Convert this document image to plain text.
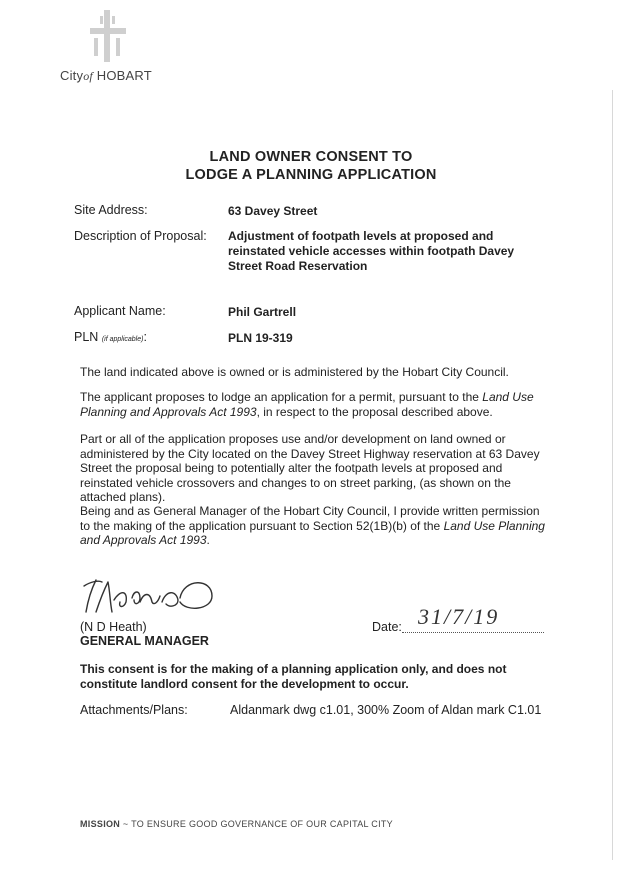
Cityof HOBART
LAND OWNER CONSENT TO
LODGE A PLANNING APPLICATION
Site Address:	63 Davey Street
Description of Proposal: Adjustment of footpath levels at proposed and reinstated vehicle accesses within footpath Davey Street Road Reservation
Applicant Name:	Phil Gartrell
PLN (if applicable):	PLN 19-319
The land indicated above is owned or is administered by the Hobart City Council.
The applicant proposes to lodge an application for a permit, pursuant to the Land Use Planning and Approvals Act 1993, in respect to the proposal described above.
Part or all of the application proposes use and/or development on land owned or administered by the City located on the Davey Street Highway reservation at 63 Davey Street the proposal being to potentially alter the footpath levels at proposed and reinstated vehicle crossovers and changes to on street parking, (as shown on the attached plans).
Being and as General Manager of the Hobart City Council, I provide written permission to the making of the application pursuant to Section 52(1B)(b) of the Land Use Planning and Approvals Act 1993.
(N D Heath)
GENERAL MANAGER
Date: 31/7/19
This consent is for the making of a planning application only, and does not constitute landlord consent for the development to occur.
Attachments/Plans:	Aldanmark dwg c1.01, 300% Zoom of Aldan mark C1.01
MISSION ~ TO ENSURE GOOD GOVERNANCE OF OUR CAPITAL CITY
